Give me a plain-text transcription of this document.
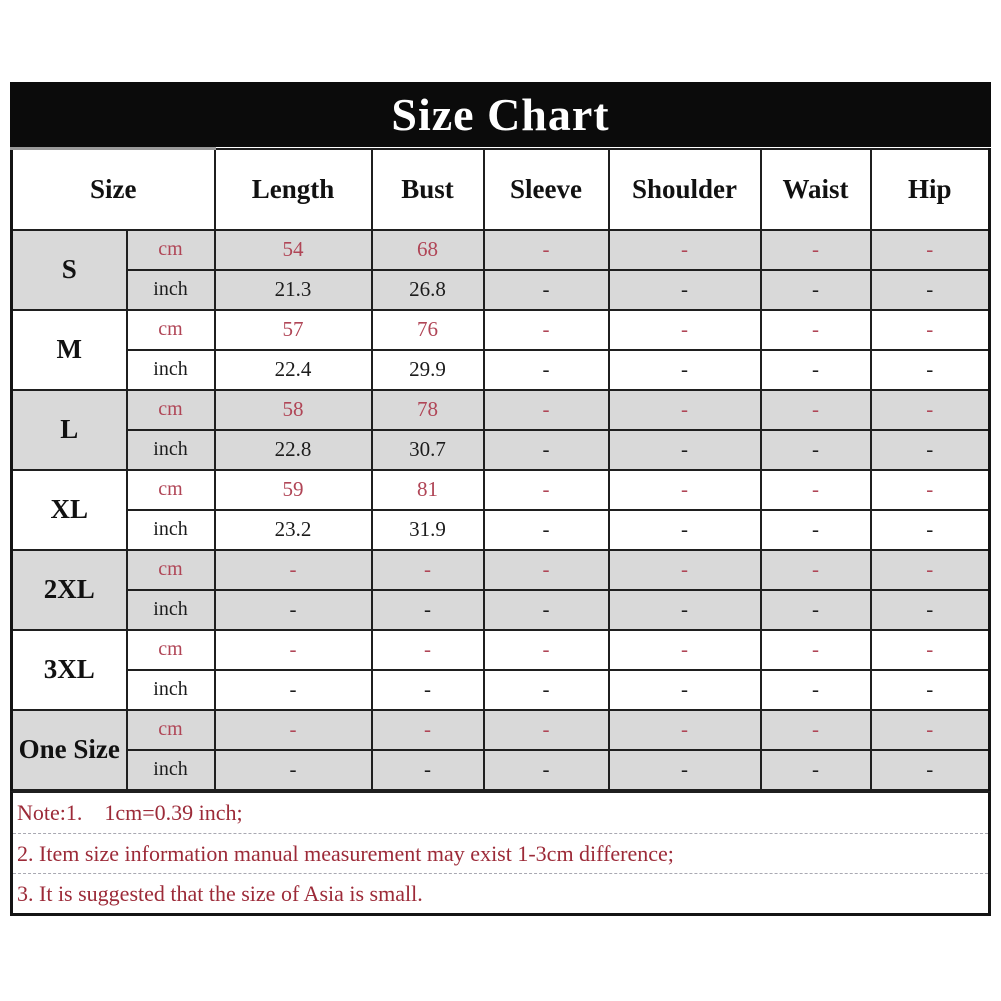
Size Chart
Size		Length	Bust	Sleeve	Shoulder	Waist	Hip
S	cm	54	68	-	-	-	-
	inch	21.3	26.8	-	-	-	-
M	cm	57	76	-	-	-	-
	inch	22.4	29.9	-	-	-	-
L	cm	58	78	-	-	-	-
	inch	22.8	30.7	-	-	-	-
XL	cm	59	81	-	-	-	-
	inch	23.2	31.9	-	-	-	-
2XL	cm	-	-	-	-	-	-
	inch	-	-	-	-	-	-
3XL	cm	-	-	-	-	-	-
	inch	-	-	-	-	-	-
One Size	cm	-	-	-	-	-	-
	inch	-	-	-	-	-	-
Note:1.    1cm=0.39 inch;
2. Item size information manual measurement may exist 1-3cm difference;
3. It is suggested that the size of Asia is small.
